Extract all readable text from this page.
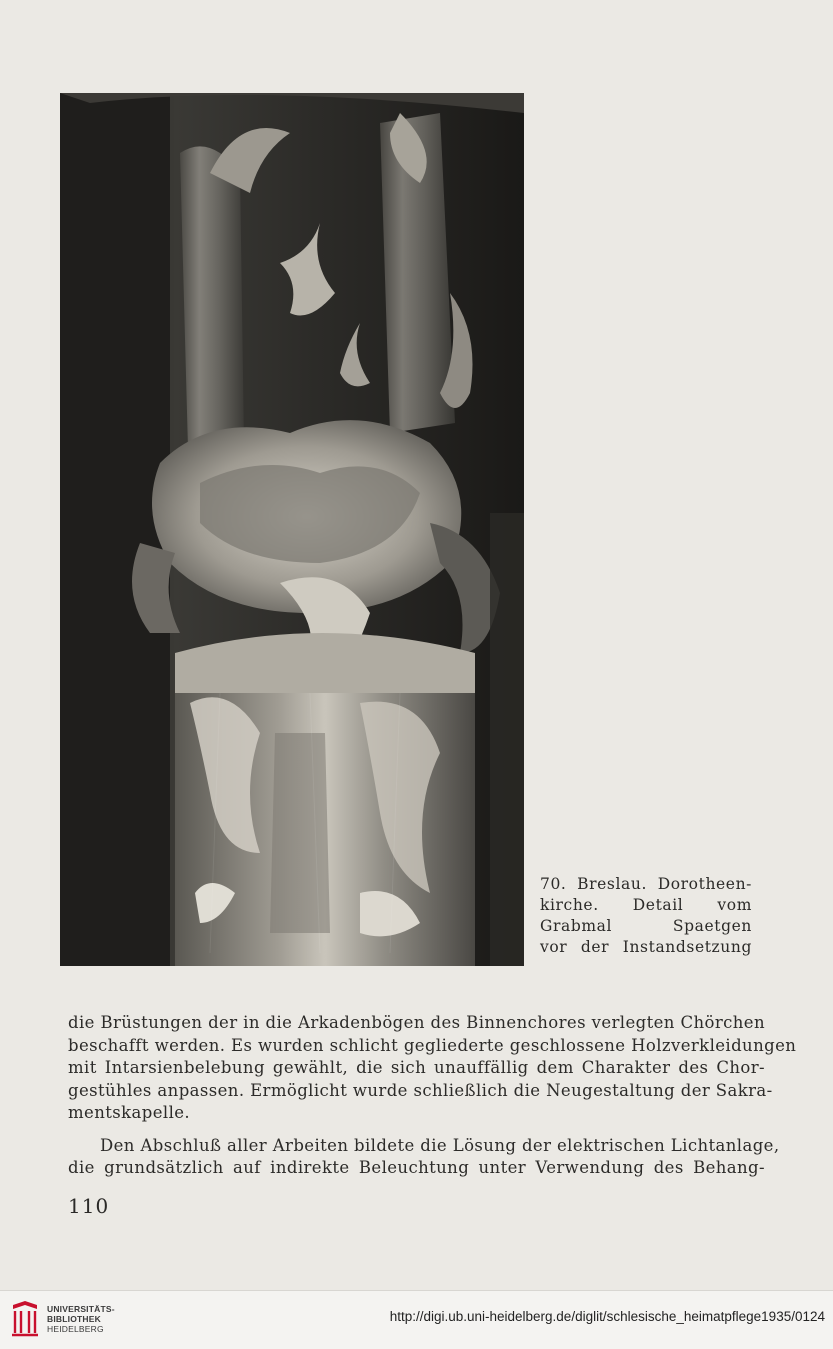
70. Breslau. Dorotheen-
kirche. Detail vom
Grabmal Spaetgen
vor der Instandsetzung
die Brüstungen der in die Arkadenbögen des Binnenchores verlegten Chörchen
beschafft werden. Es wurden schlicht gegliederte geschlossene Holzverkleidungen
mit Intarsienbelebung gewählt, die sich unauffällig dem Charakter des Chor-
gestühles anpassen. Ermöglicht wurde schließlich die Neugestaltung der Sakra-
mentskapelle.
Den Abschluß aller Arbeiten bildete die Lösung der elektrischen Lichtanlage,
die grundsätzlich auf indirekte Beleuchtung unter Verwendung des Behang-
110
UNIVERSITÄTS-
BIBLIOTHEK
HEIDELBERG
http://digi.ub.uni-heidelberg.de/diglit/schlesische_heimatpflege1935/0124
